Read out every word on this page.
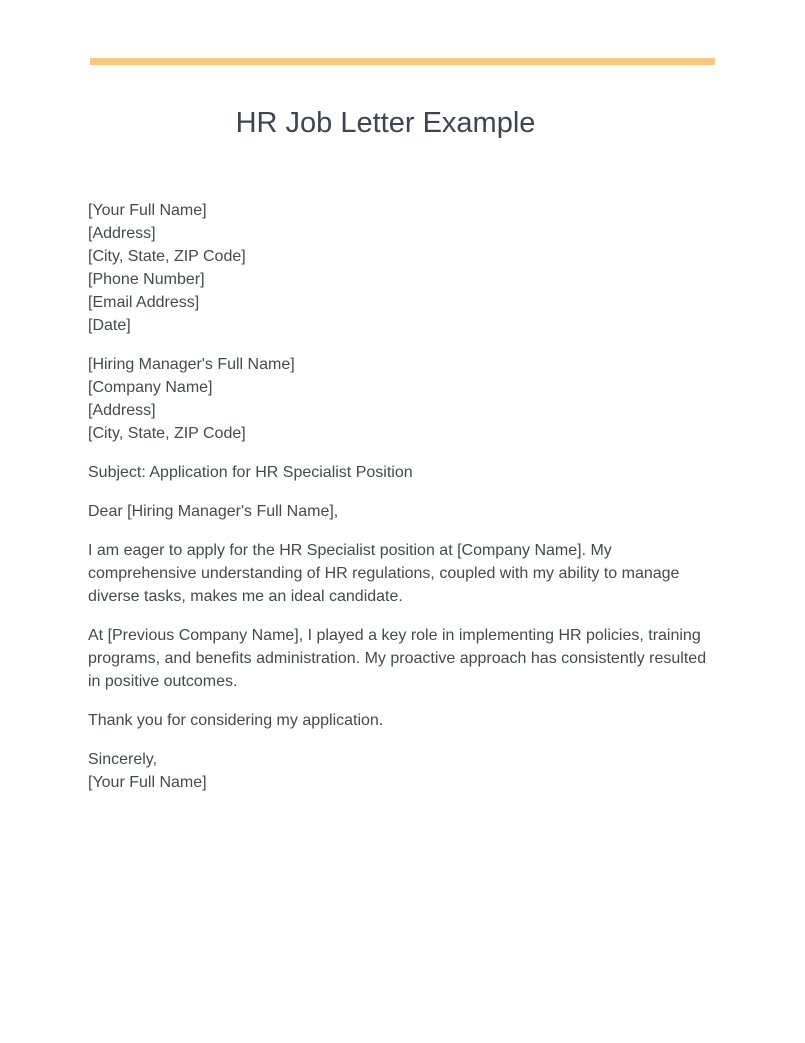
HR Job Letter Example
[Your Full Name]
[Address]
[City, State, ZIP Code]
[Phone Number]
[Email Address]
[Date]
[Hiring Manager's Full Name]
[Company Name]
[Address]
[City, State, ZIP Code]

Subject: Application for HR Specialist Position

Dear [Hiring Manager's Full Name],

I am eager to apply for the HR Specialist position at [Company Name]. My comprehensive understanding of HR regulations, coupled with my ability to manage diverse tasks, makes me an ideal candidate.

At [Previous Company Name], I played a key role in implementing HR policies, training programs, and benefits administration. My proactive approach has consistently resulted in positive outcomes.

Thank you for considering my application.

Sincerely,
[Your Full Name]
